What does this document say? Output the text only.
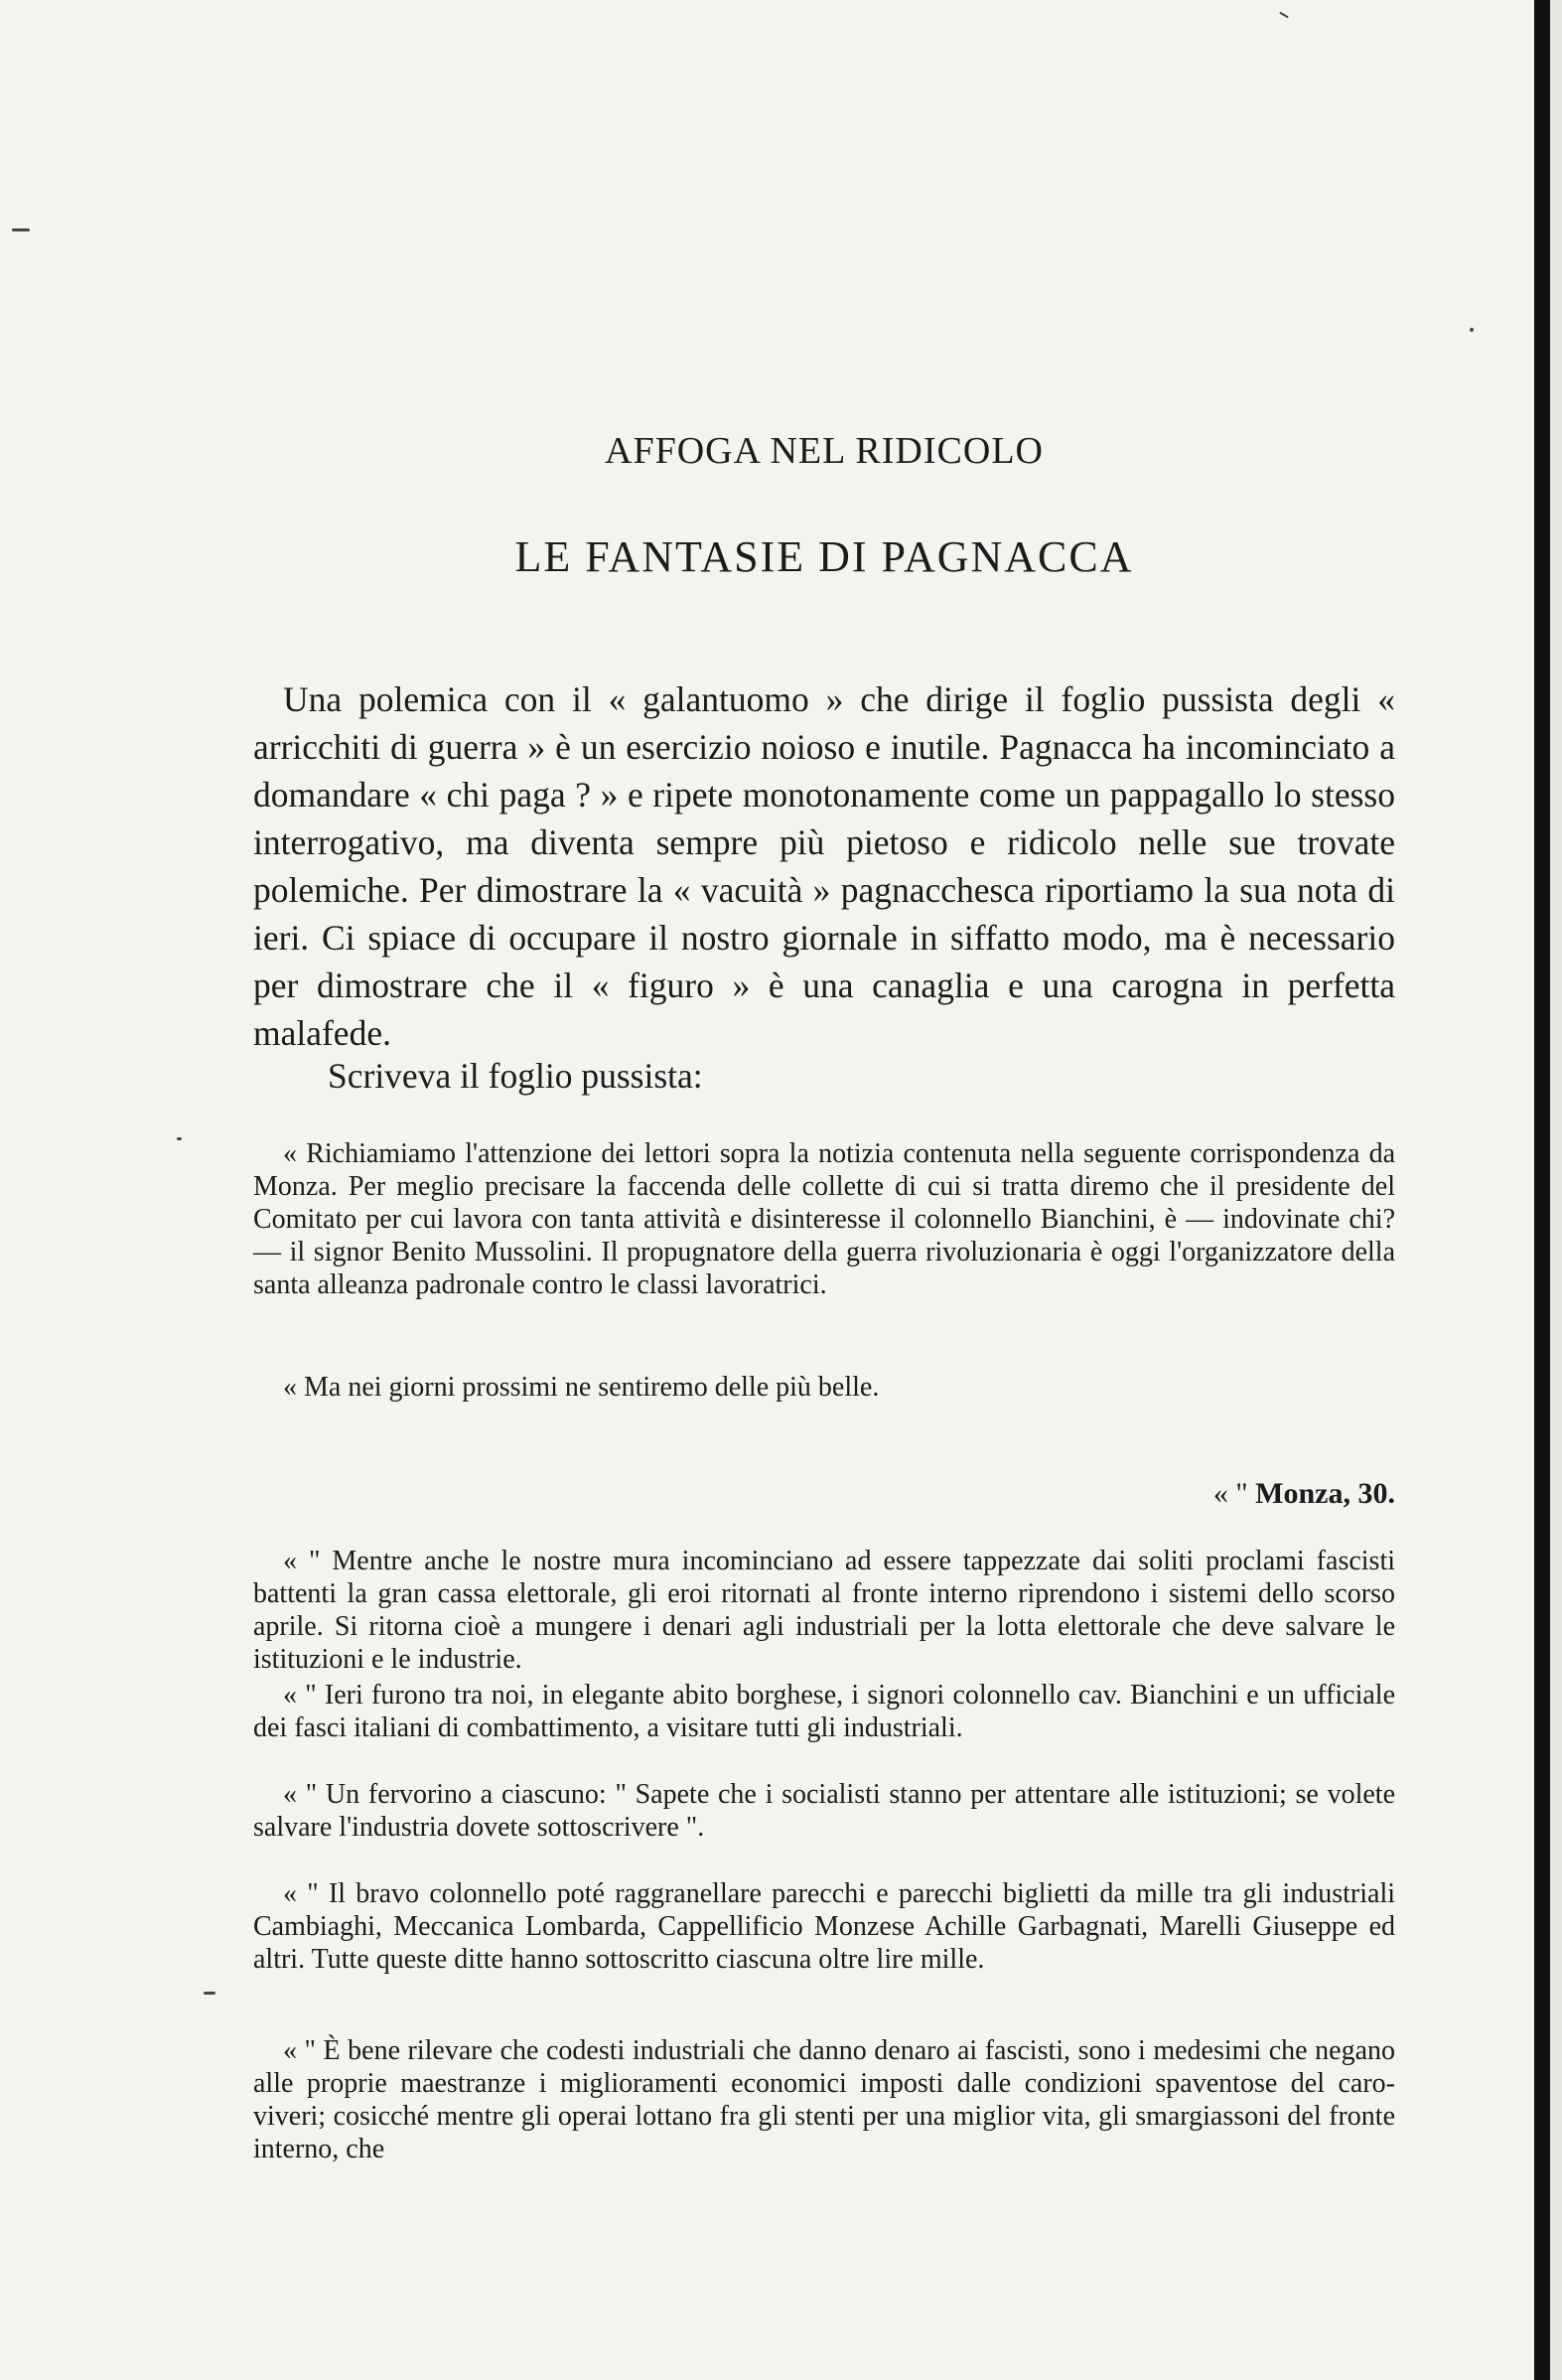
AFFOGA NEL RIDICOLO
LE FANTASIE DI PAGNACCA

Una polemica con il « galantuomo » che dirige il foglio pussista degli « arricchiti di guerra » è un esercizio noioso e inutile. Pagnacca ha incominciato a domandare « chi paga ? » e ripete monotonamente come un pappagallo lo stesso interrogativo, ma diventa sempre più pietoso e ridicolo nelle sue trovate polemiche. Per dimostrare la « vacuità » pagnacchesca riportiamo la sua nota di ieri. Ci spiace di occupare il nostro giornale in siffatto modo, ma è necessario per dimostrare che il « figuro » è una canaglia e una carogna in perfetta malafede.

Scriveva il foglio pussista:

« Richiamiamo l'attenzione dei lettori sopra la notizia contenuta nella seguente corrispondenza da Monza. Per meglio precisare la faccenda delle collette di cui si tratta diremo che il presidente del Comitato per cui lavora con tanta attività e disinteresse il colonnello Bianchini, è — indovinate chi? — il signor Benito Mussolini. Il propugnatore della guerra rivoluzionaria è oggi l'organizzatore della santa alleanza padronale contro le classi lavoratrici.

« Ma nei giorni prossimi ne sentiremo delle più belle.

« " Monza, 30.

« " Mentre anche le nostre mura incominciano ad essere tappezzate dai soliti proclami fascisti battenti la gran cassa elettorale, gli eroi ritornati al fronte interno riprendono i sistemi dello scorso aprile. Si ritorna cioè a mungere i denari agli industriali per la lotta elettorale che deve salvare le istituzioni e le industrie.

« " Ieri furono tra noi, in elegante abito borghese, i signori colonnello cav. Bianchini e un ufficiale dei fasci italiani di combattimento, a visitare tutti gli industriali.

« " Un fervorino a ciascuno: " Sapete che i socialisti stanno per attentare alle istituzioni; se volete salvare l'industria dovete sottoscrivere ".

« " Il bravo colonnello poté raggranellare parecchi e parecchi biglietti da mille tra gli industriali Cambiaghi, Meccanica Lombarda, Cappellificio Monzese Achille Garbagnati, Marelli Giuseppe ed altri. Tutte queste ditte hanno sottoscritto ciascuna oltre lire mille.

« " È bene rilevare che codesti industriali che danno denaro ai fascisti, sono i medesimi che negano alle proprie maestranze i miglioramenti economici imposti dalle condizioni spaventose del caro-viveri; cosicché mentre gli operai lottano fra gli stenti per una miglior vita, gli smargiassoni del fronte interno, che
